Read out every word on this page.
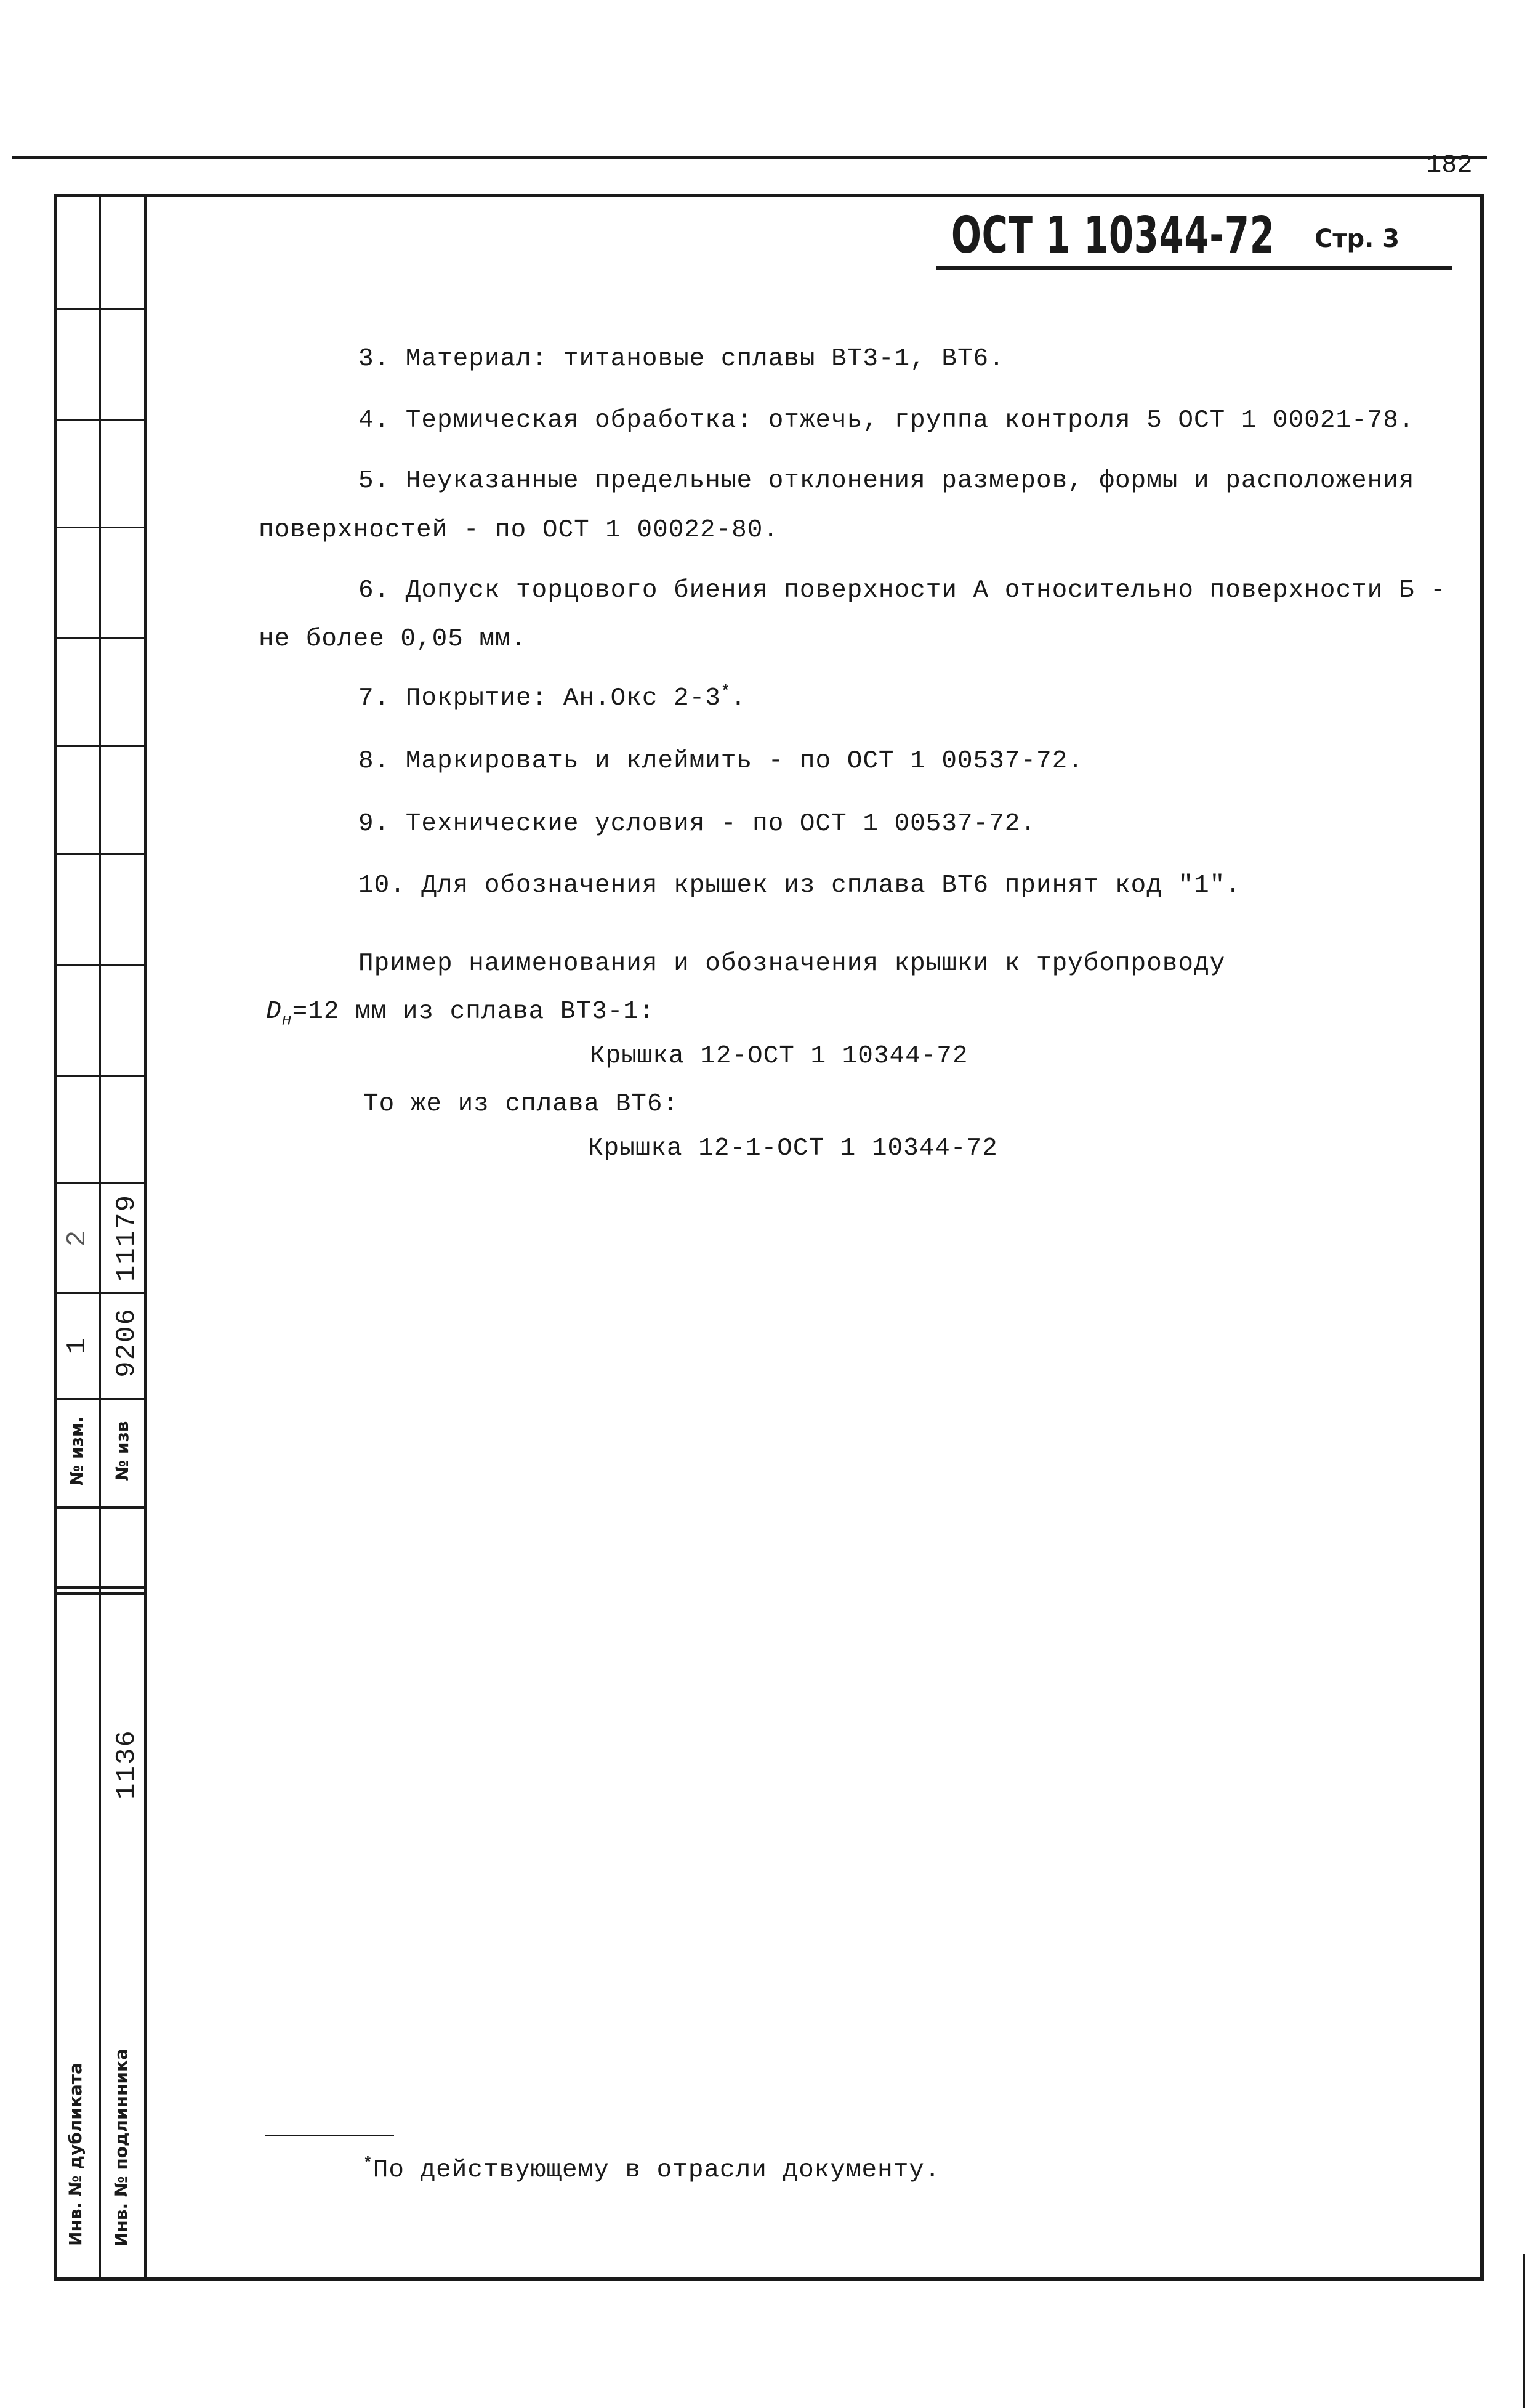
182
1
2
9206
11179
№ изм. № изв
1136
Инв. № дубликата Инв. № подлинника
ОСТ 1 10344-72 Стр. 3
3. Материал: титановые сплавы ВТ3-1, ВТ6.
4. Термическая обработка: отжечь, группа контроля 5 ОСТ 1 00021-78.
5. Неуказанные предельные отклонения размеров, формы и расположения
поверхностей - по ОСТ 1 00022-80.
6. Допуск торцового биения поверхности А относительно поверхности Б -
не более 0,05 мм.
7. Покрытие: Ан.Окс 2-3*.
8. Маркировать и клеймить - по ОСТ 1 00537-72.
9. Технические условия - по ОСТ 1 00537-72.
10. Для обозначения крышек из сплава ВТ6 принят код "1".
Пример наименования и обозначения крышки к трубопроводу
$D_н=12$ мм из сплава ВТ3-1:
Крышка 12-ОСТ 1 10344-72
То же из сплава ВТ6:
Крышка 12-1-ОСТ 1 10344-72
*По действующему в отрасли документу.
